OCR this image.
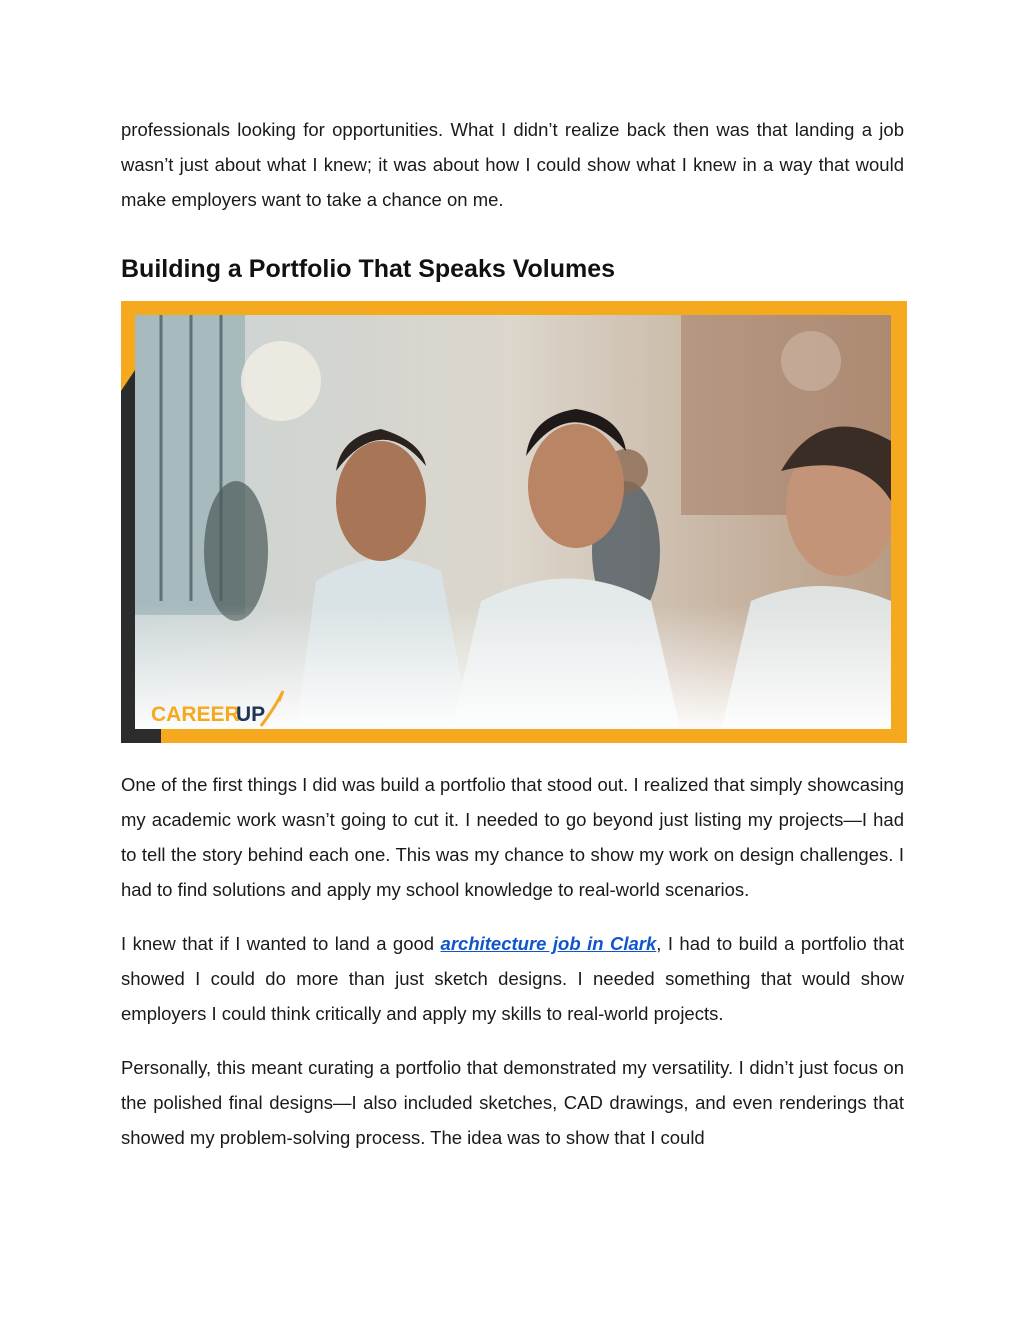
professionals looking for opportunities. What I didn’t realize back then was that landing a job wasn’t just about what I knew; it was about how I could show what I knew in a way that would make employers want to take a chance on me.

Building a Portfolio That Speaks Volumes
CAREER
UP

One of the first things I did was build a portfolio that stood out. I realized that simply showcasing my academic work wasn’t going to cut it. I needed to go beyond just listing my projects—I had to tell the story behind each one. This was my chance to show my work on design challenges. I had to find solutions and apply my school knowledge to real-world scenarios.

I knew that if I wanted to land a good architecture job in Clark, I had to build a portfolio that showed I could do more than just sketch designs. I needed something that would show employers I could think critically and apply my skills to real-world projects.

Personally, this meant curating a portfolio that demonstrated my versatility. I didn’t just focus on the polished final designs—I also included sketches, CAD drawings, and even renderings that showed my problem-solving process. The idea was to show that I could
